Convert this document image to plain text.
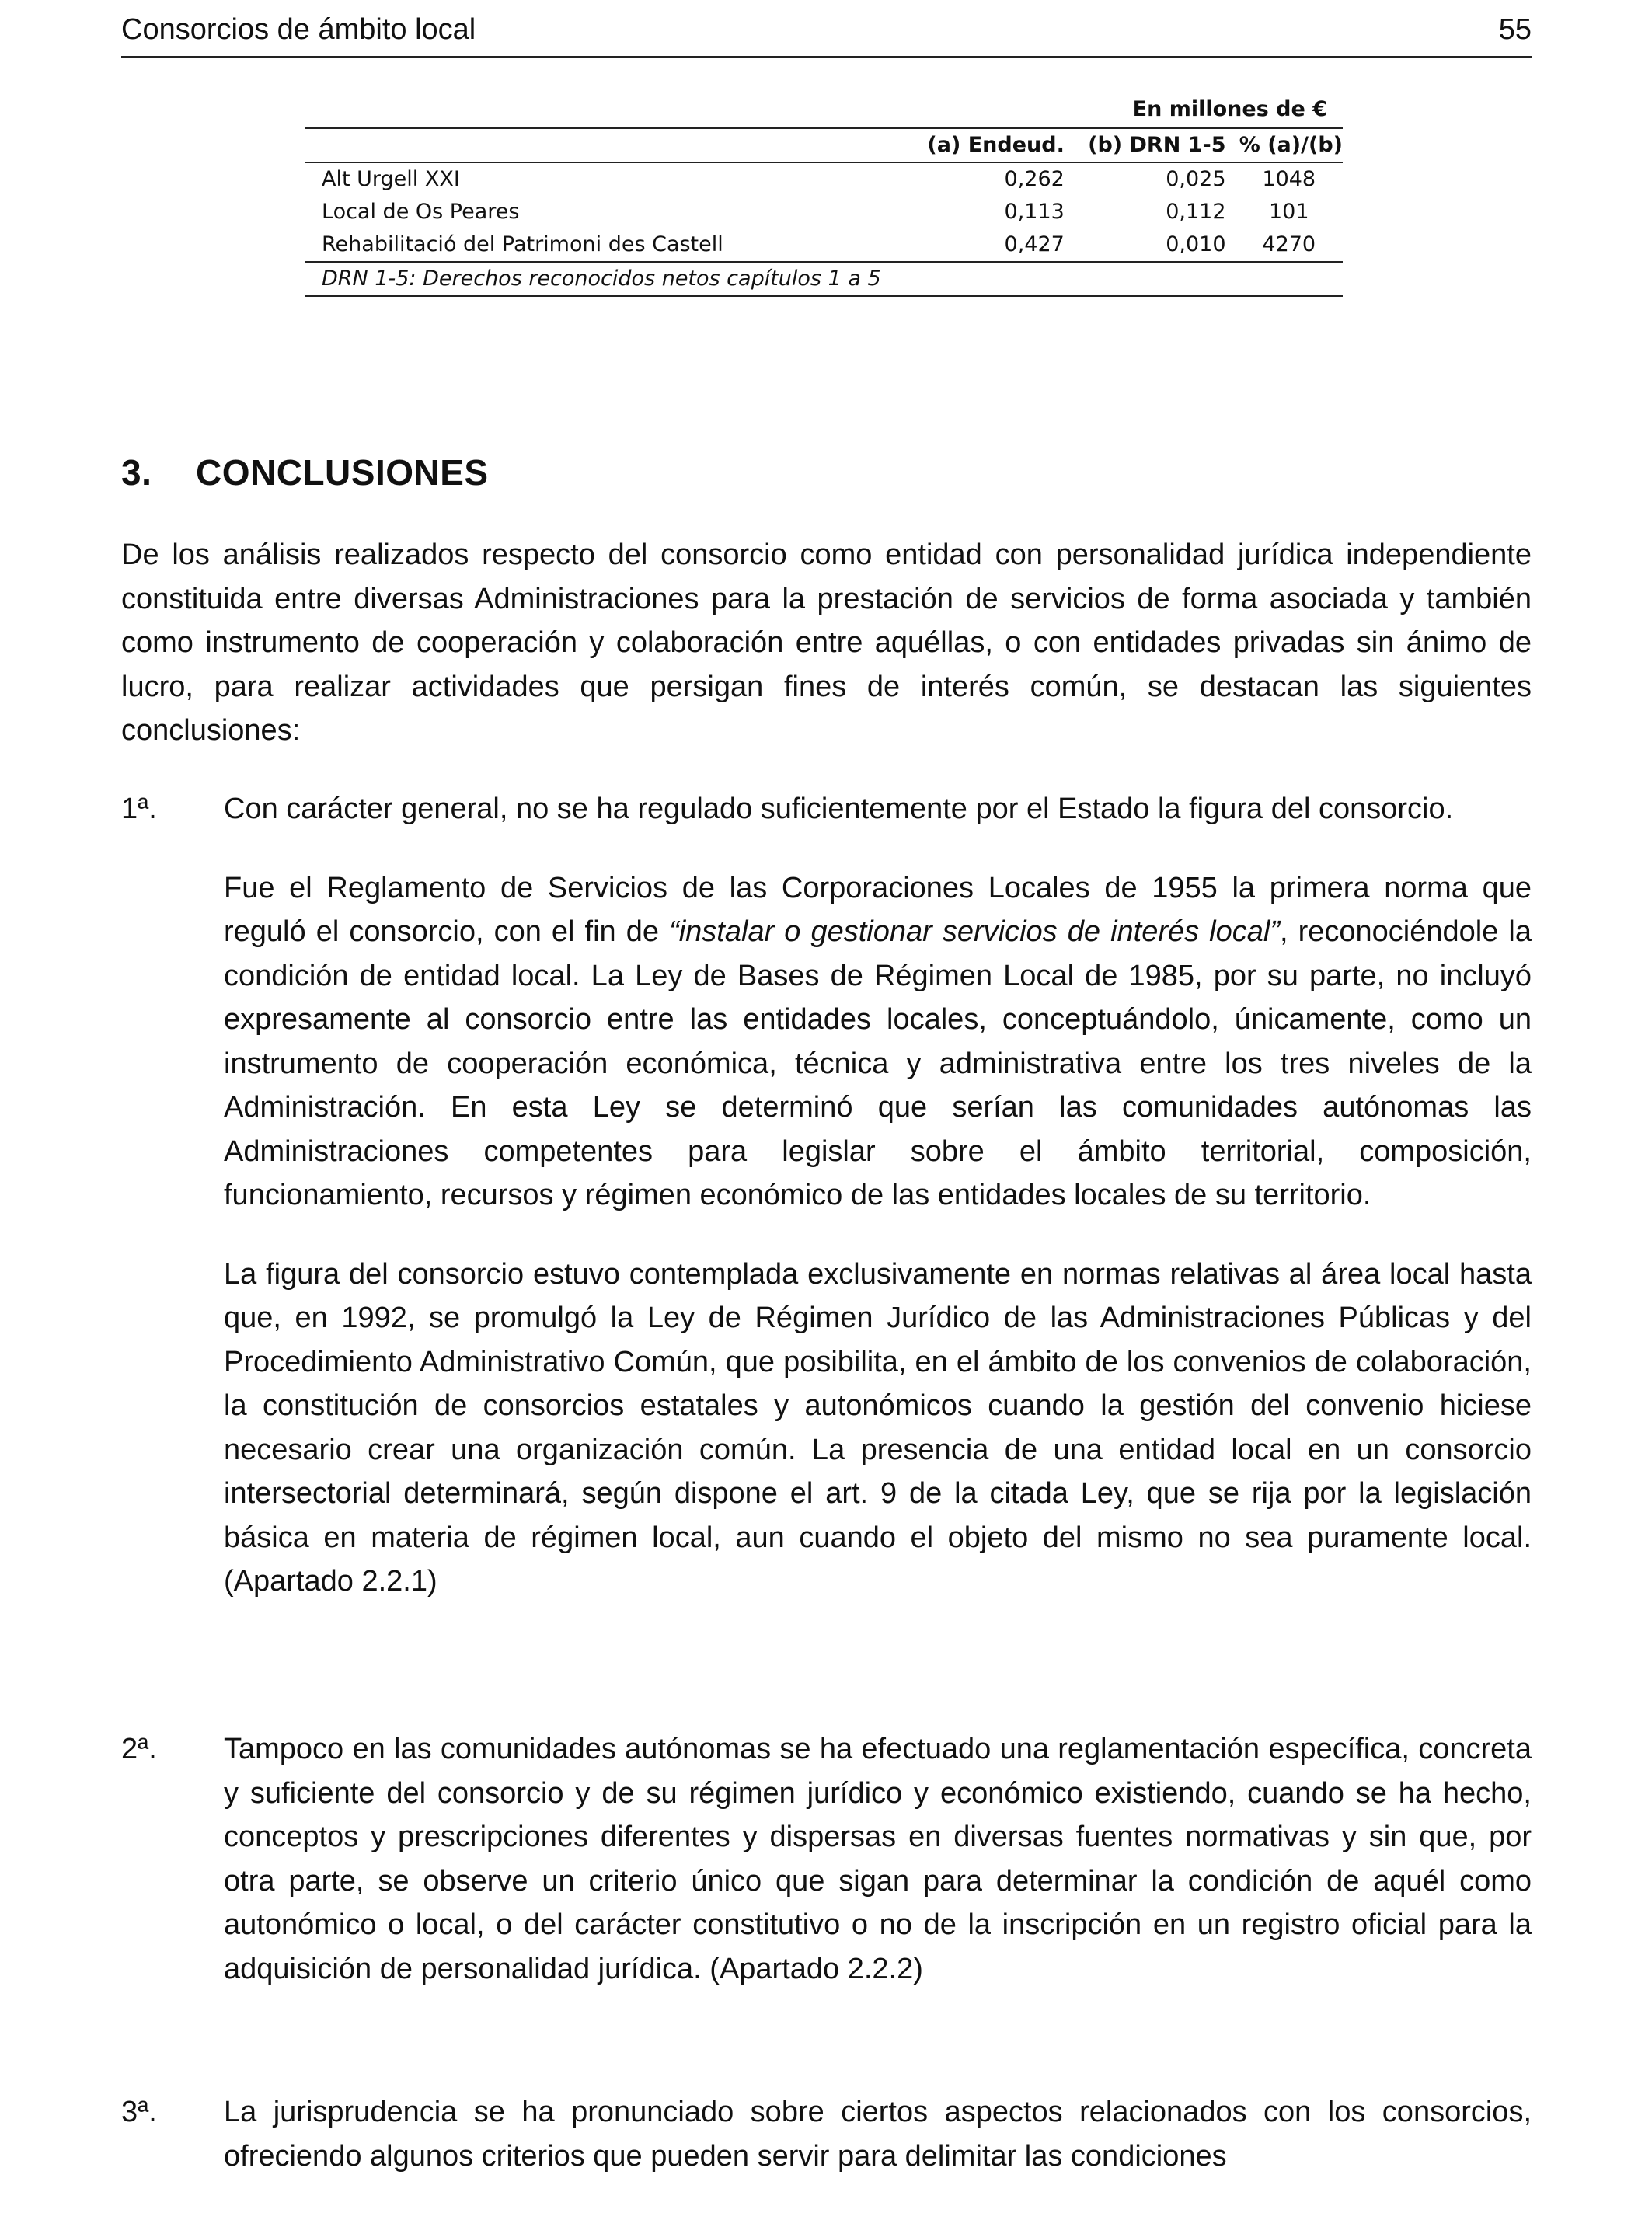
Consorcios de ámbito local	55
En millones de €
	(a) Endeud.	(b) DRN 1-5	% (a)/(b)
Alt Urgell XXI	0,262	0,025	1048
Local de Os Peares	0,113	0,112	101
Rehabilitació del Patrimoni des Castell	0,427	0,010	4270
DRN 1-5: Derechos reconocidos netos capítulos 1 a 5
3. CONCLUSIONES

De los análisis realizados respecto del consorcio como entidad con personalidad jurídica independiente constituida entre diversas Administraciones para la prestación de servicios de forma asociada y también como instrumento de cooperación y colaboración entre aquéllas, o con entidades privadas sin ánimo de lucro, para realizar actividades que persigan fines de interés común, se destacan las siguientes conclusiones:

1ª. Con carácter general, no se ha regulado suficientemente por el Estado la figura del consorcio.

Fue el Reglamento de Servicios de las Corporaciones Locales de 1955 la primera norma que reguló el consorcio, con el fin de “instalar o gestionar servicios de interés local”, reconociéndole la condición de entidad local. La Ley de Bases de Régimen Local de 1985, por su parte, no incluyó expresamente al consorcio entre las entidades locales, conceptuándolo, únicamente, como un instrumento de cooperación económica, técnica y administrativa entre los tres niveles de la Administración. En esta Ley se determinó que serían las comunidades autónomas las Administraciones competentes para legislar sobre el ámbito territorial, composición, funcionamiento, recursos y régimen económico de las entidades locales de su territorio.

La figura del consorcio estuvo contemplada exclusivamente en normas relativas al área local hasta que, en 1992, se promulgó la Ley de Régimen Jurídico de las Administraciones Públicas y del Procedimiento Administrativo Común, que posibilita, en el ámbito de los convenios de colaboración, la constitución de consorcios estatales y autonómicos cuando la gestión del convenio hiciese necesario crear una organización común. La presencia de una entidad local en un consorcio intersectorial determinará, según dispone el art. 9 de la citada Ley, que se rija por la legislación básica en materia de régimen local, aun cuando el objeto del mismo no sea puramente local. (Apartado 2.2.1)

2ª. Tampoco en las comunidades autónomas se ha efectuado una reglamentación específica, concreta y suficiente del consorcio y de su régimen jurídico y económico existiendo, cuando se ha hecho, conceptos y prescripciones diferentes y dispersas en diversas fuentes normativas y sin que, por otra parte, se observe un criterio único que sigan para determinar la condición de aquél como autonómico o local, o del carácter constitutivo o no de la inscripción en un registro oficial para la adquisición de personalidad jurídica. (Apartado 2.2.2)

3ª. La jurisprudencia se ha pronunciado sobre ciertos aspectos relacionados con los consorcios, ofreciendo algunos criterios que pueden servir para delimitar las condiciones
